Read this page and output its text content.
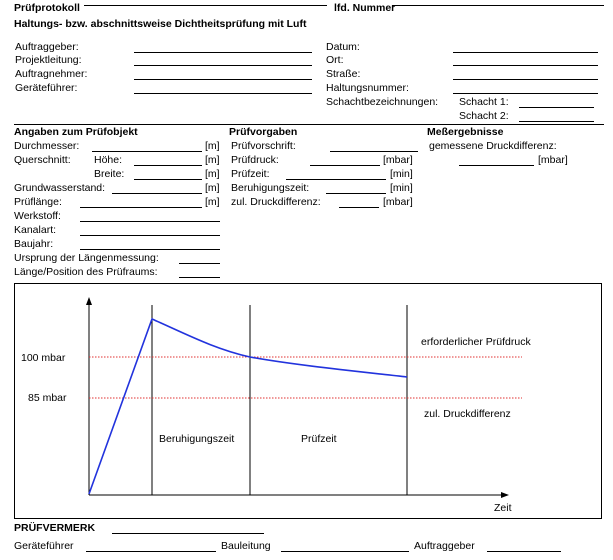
Prüfprotokoll	lfd. Nummer
Haltungs- bzw. abschnittsweise Dichtheitsprüfung mit Luft
Auftraggeber:
Projektleitung:
Auftragnehmer:
Geräteführer:
Datum:
Ort:
Straße:
Haltungsnummer:
Schachtbezeichnungen: Schacht 1:
Schacht 2:
Angaben zum Prüfobjekt	Prüfvorgaben	Meßergebnisse
Durchmesser:	[m]
Querschnitt: Höhe:	[m]
Breite:	[m]
Grundwasserstand:	[m]
Prüflänge:	[m]
Werkstoff:
Kanalart:
Baujahr:
Ursprung der Längenmessung:
Länge/Position des Prüfraums:
Prüfvorschrift:
Prüfdruck:	[mbar]
Prüfzeit:	[min]
Beruhigungszeit:	[min]
zul. Druckdifferenz:	[mbar]
gemessene Druckdifferenz:
[mbar]
100 mbar
85 mbar
Beruhigungszeit	Prüfzeit
erforderlicher Prüfdruck
zul. Druckdifferenz
Zeit
PRÜFVERMERK
Geräteführer	Bauleitung	Auftraggeber
